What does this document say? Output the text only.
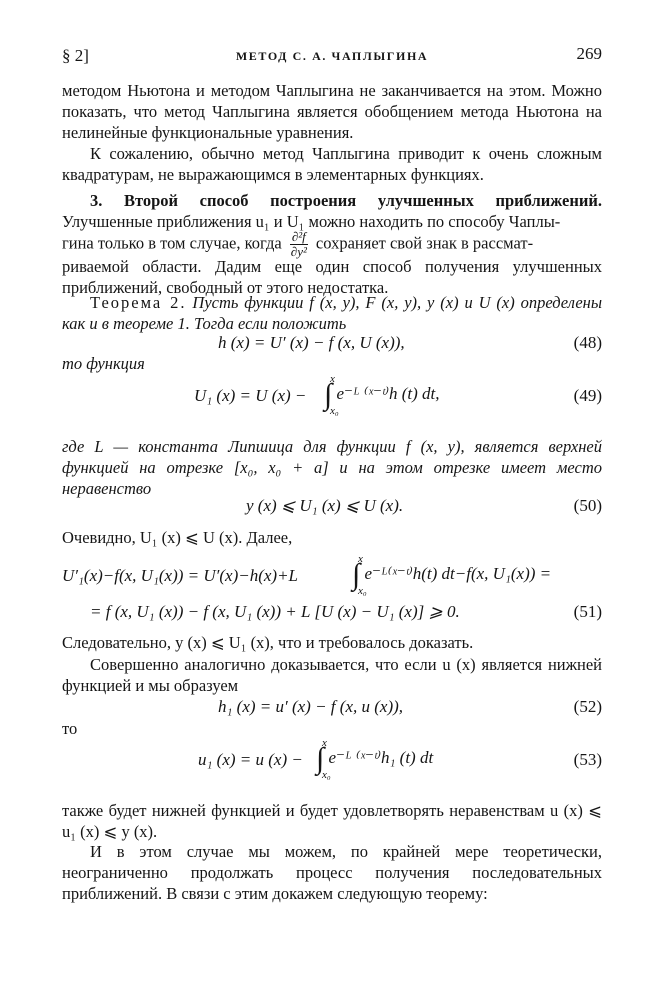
§ 2]	МЕТОД С. А. ЧАПЛЫГИНА	269

методом Ньютона и методом Чаплыгина не заканчивается на этом. Можно показать, что метод Чаплыгина является обобщением метода Ньютона на нелинейные функциональные уравнения.

К сожалению, обычно метод Чаплыгина приводит к очень сложным квадратурам, не выражающимся в элементарных функциях.

3. Второй способ построения улучшенных приближений. Улучшенные приближения u₁ и U₁ можно находить по способу Чаплы-
гина только в том случае, когда $\frac{\text{∂²f}}{\text{∂y²}}$ сохраняет свой знак в рассмат-

риваемой области. Дадим еще один способ получения улучшенных приближений, свободный от этого недостатка.

Теорема 2. Пусть функции f (x, y), F (x, y), y (x) и U (x) определены как и в теореме 1. Тогда если положить
h (x) = U′ (x) − f (x, U (x)),	(48)

то функция

U₁ (x) = U (x) − ∫
x
x₀
e⁻ᴸ ⁽ˣ⁻ᵗ⁾h (t) dt,	(49)

где L — константа Липшица для функции f (x, y), является верхней функцией на отрезке [x₀, x₀ + a] и на этом отрезке имеет место неравенство

y (x) ⩽ U₁ (x) ⩽ U (x).	(50)

Очевидно, U₁ (x) ⩽ U (x). Далее,

U′₁(x)−f(x, U₁(x)) = U′(x)−h(x)+L ∫
x
x₀
e⁻ᴸ⁽ˣ⁻ᵗ⁾h(t) dt−f(x, U₁(x)) =
= f (x, U₁ (x)) − f (x, U₁ (x)) + L [U (x) − U₁ (x)] ⩾ 0.	(51)

Следовательно, y (x) ⩽ U₁ (x), что и требовалось доказать.

Совершенно аналогично доказывается, что если u (x) является нижней функцией и мы образуем

h₁ (x) = u′ (x) − f (x, u (x)),	(52)

то

u₁ (x) = u (x) − ∫
x
x₀
e⁻ᴸ ⁽ˣ⁻ᵗ⁾h₁ (t) dt	(53)

также будет нижней функцией и будет удовлетворять неравенствам u (x) ⩽ u₁ (x) ⩽ y (x).

И в этом случае мы можем, по крайней мере теоретически, неограниченно продолжать процесс получения последовательных приближений. В связи с этим докажем следующую теорему:
